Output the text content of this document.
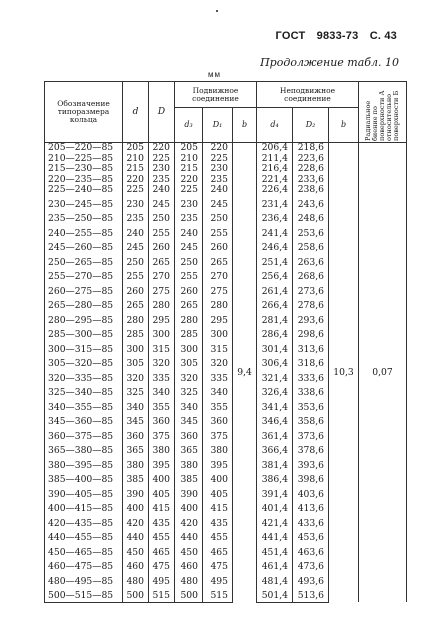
ГОСТ 9833-73 С. 43
Продолжение табл. 10
мм
Обозначение типоразмера кольца	d	D	Подвижное соединение			Неподвижное соединение			Радиальное биение по поверхности А относительно поверхности Б

			d₃	D₁	b	d₄	D₂	b	
205—220—85	205	220	205	220	9,4	206,4	218,6	10,3	0,07
210—225—85	210	225	210	225		211,4	223,6		
215—230—85	215	230	215	230		216,4	228,6		
220—235—85	220	235	220	235		221,4	233,6		
225—240—85	225	240	225	240		226,4	238,6		
230—245—85	230	245	230	245		231,4	243,6		
235—250—85	235	250	235	250		236,4	248,6		
240—255—85	240	255	240	255		241,4	253,6		
245—260—85	245	260	245	260		246,4	258,6		
250—265—85	250	265	250	265		251,4	263,6		
255—270—85	255	270	255	270		256,4	268,6		
260—275—85	260	275	260	275		261,4	273,6		
265—280—85	265	280	265	280		266,4	278,6		
280—295—85	280	295	280	295		281,4	293,6		
285—300—85	285	300	285	300		286,4	298,6		
300—315—85	300	315	300	315		301,4	313,6		
305—320—85	305	320	305	320		306,4	318,6		
320—335—85	320	335	320	335		321,4	333,6		
325—340—85	325	340	325	340		326,4	338,6		
340—355—85	340	355	340	355		341,4	353,6		
345—360—85	345	360	345	360		346,4	358,6		
360—375—85	360	375	360	375		361,4	373,6		
365—380—85	365	380	365	380		366,4	378,6		
380—395—85	380	395	380	395		381,4	393,6		
385—400—85	385	400	385	400		386,4	398,6		
390—405—85	390	405	390	405		391,4	403,6		
400—415—85	400	415	400	415		401,4	413,6		
420—435—85	420	435	420	435		421,4	433,6		
440—455—85	440	455	440	455		441,4	453,6		
450—465—85	450	465	450	465		451,4	463,6		
460—475—85	460	475	460	475		461,4	473,6		
480—495—85	480	495	480	495		481,4	493,6		
500—515—85	500	515	500	515		501,4	513,6		
